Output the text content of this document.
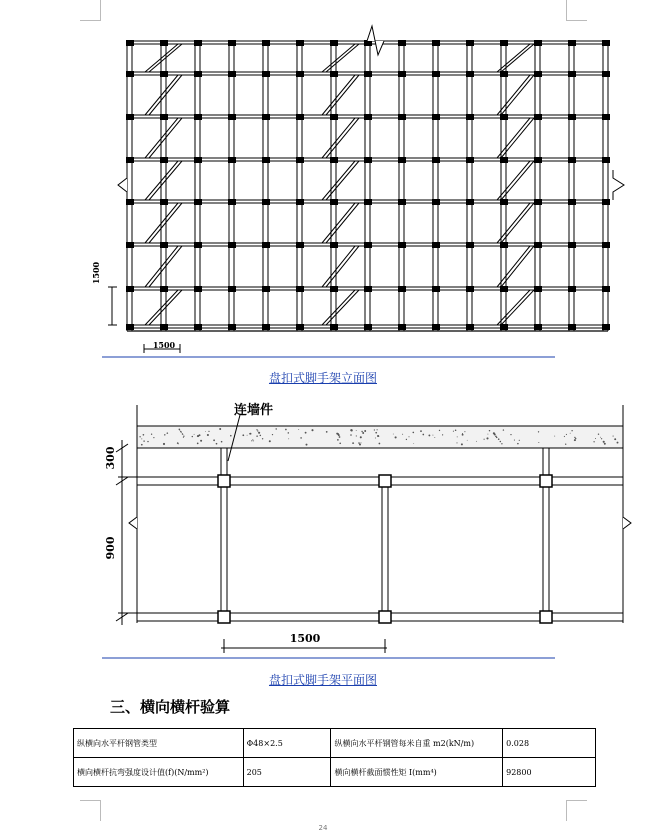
1500
1500
盘扣式脚手架立面图
连墙件
300
900
1500
盘扣式脚手架平面图
三、横向横杆验算
纵横向水平杆钢管类型	Φ48×2.5	纵横向水平杆钢管每米自重 m2(kN/m)	0.028
横向横杆抗弯强度设计值(f)(N/mm²)	205	横向横杆截面惯性矩 I(mm⁴)	92800
24
